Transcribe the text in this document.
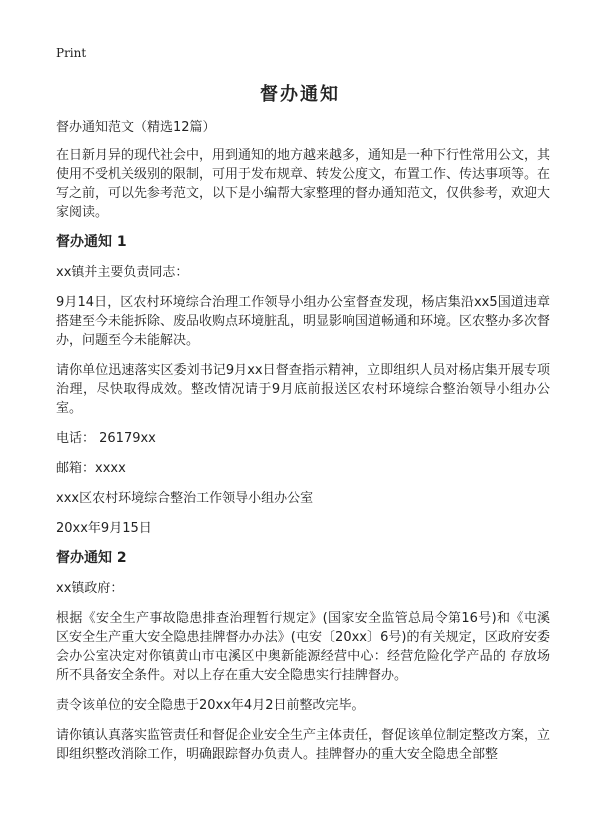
Print
督办通知
督办通知范文（精选12篇）

在日新月异的现代社会中，用到通知的地方越来越多，通知是一种下行性常用公文，其使用不受机关级别的限制，可用于发布规章、转发公度文，布置工作、传达事项等。在写之前，可以先参考范文，以下是小编帮大家整理的督办通知范文，仅供参考，欢迎大家阅读。

督办通知 1

xx镇并主要负责同志：

9月14日，区农村环境综合治理工作领导小组办公室督查发现，杨店集沿xx5国道违章搭建至今未能拆除、废品收购点环境脏乱，明显影响国道畅通和环境。区农整办多次督办，问题至今未能解决。

请你单位迅速落实区委刘书记9月xx日督查指示精神，立即组织人员对杨店集开展专项治理，尽快取得成效。整改情况请于9月底前报送区农村环境综合整治领导小组办公室。

电话： 26179xx

邮箱：xxxx

xxx区农村环境综合整治工作领导小组办公室

20xx年9月15日

督办通知 2

xx镇政府：

根据《安全生产事故隐患排查治理暂行规定》(国家安全监管总局令第16号)和《屯溪区安全生产重大安全隐患挂牌督办办法》(屯安〔20xx〕6号)的有关规定，区政府安委会办公室决定对你镇黄山市屯溪区中奥新能源经营中心：经营危险化学产品的 存放场所不具备安全条件。对以上存在重大安全隐患实行挂牌督办。

责令该单位的安全隐患于20xx年4月2日前整改完毕。

请你镇认真落实监管责任和督促企业安全生产主体责任，督促该单位制定整改方案，立即组织整改消除工作，明确跟踪督办负责人。挂牌督办的重大安全隐患全部整
